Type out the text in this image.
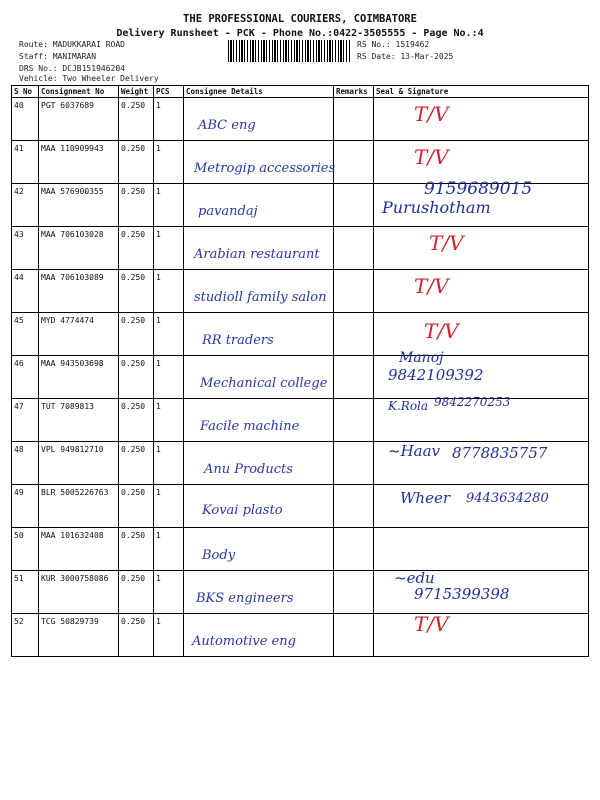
THE PROFESSIONAL COURIERS, COIMBATORE
Delivery Runsheet - PCK - Phone No.:0422-3505555 - Page No.:4
Route: MADUKKARAI ROAD
Staff: MANIMARAN
DRS No.: DCJB151946204
Vehicle: Two Wheeler Delivery
RS No.: 1519462
RS Date: 13-Mar-2025
S No	Consignment No	Weight	PCS	Consignee Details	Remarks	Seal & Signature
40	PGT 6037689	0.250	1	ABC eng		T/V

41	MAA 110909943	0.250	1	Metrogip accessories		T/V

42	MAA 576900355	0.250	1	pavandaj		9159689015
Purushotham

43	MAA 706103028	0.250	1	Arabian restaurant		T/V

44	MAA 706103089	0.250	1	studioll family salon		T/V

45	MYD 4774474	0.250	1	RR traders		T/V

46	MAA 943503698	0.250	1	Mechanical college		Manoj
9842109392

47	TUT 7089813	0.250	1	Facile machine		K.Rola 9842270253

48	VPL 949812710	0.250	1	Anu Products		~Haav 8778835757

49	BLR 5005226763	0.250	1	Kovai plasto		Wheer 9443634280

50	MAA 101632408	0.250	1	Body		

51	KUR 3000758086	0.250	1	BKS engineers		~edu
9715399398

52	TCG 50829739	0.250	1	Automotive eng		T/V
